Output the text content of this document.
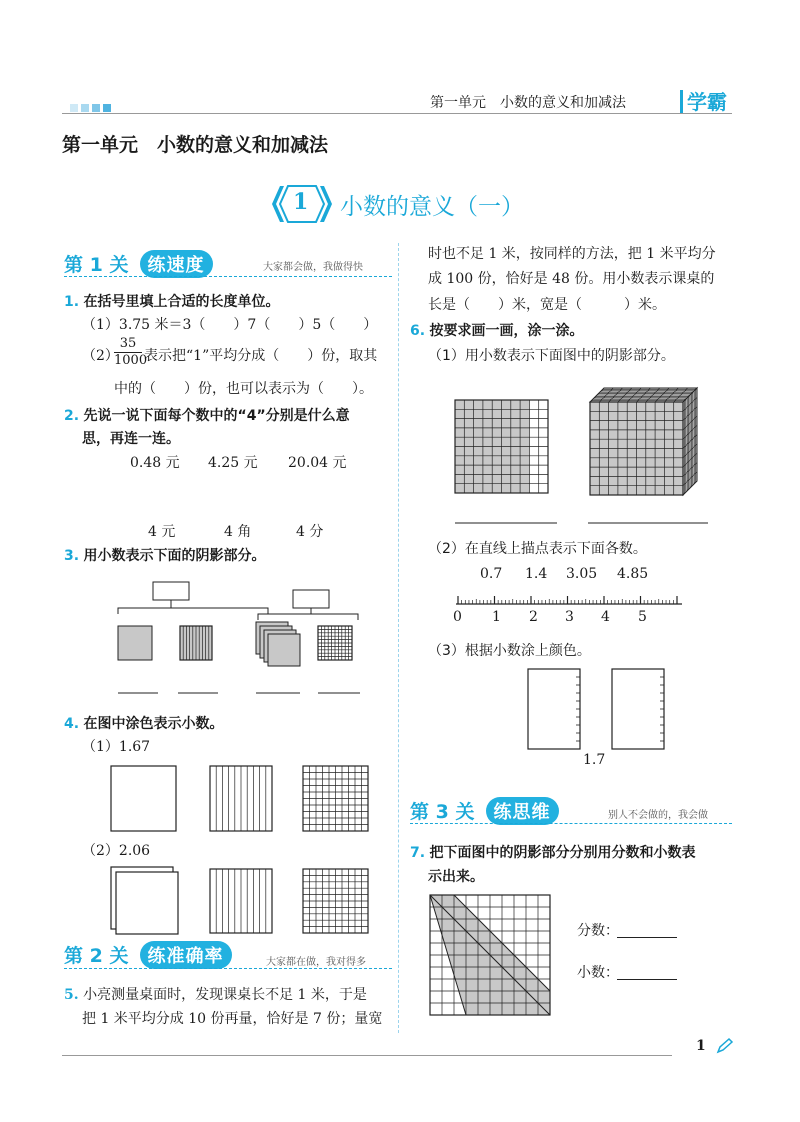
第一单元　小数的意义和加减法	学霸
第一单元　小数的意义和加减法
1 小数的意义（一）
第 1 关 练速度	大家都会做，我做得快
1. 在括号里填上合适的长度单位。
（1）3.75 米＝3（　　）7（　　）5（　　）
（2）
$\frac{35}{1000}$ 表示把“1”平均分成（　　）份，取其
中的（　　）份，也可以表示为（　　）。
2. 先说一说下面每个数中的“4”分别是什么意
思，再连一连。
0.48 元 4.25 元 20.04 元
4 元	4 角	4 分
3. 用小数表示下面的阴影部分。
4. 在图中涂色表示小数。
（1）1.67
（2）2.06
第 2 关 练准确率	大家都在做，我对得多
5. 小亮测量桌面时，发现课桌长不足 1 米，于是
把 1 米平均分成 10 份再量，恰好是 7 份；量宽
时也不足 1 米，按同样的方法，把 1 米平均分
成 100 份，恰好是 48 份。用小数表示课桌的
长是（　　）米，宽是（　　　）米。
6. 按要求画一画，涂一涂。
（1）用小数表示下面图中的阴影部分。
（2）在直线上描点表示下面各数。
0.7 1.4 3.05 4.85
0 1 2 3 4 5
（3）根据小数涂上颜色。
1.7
第 3 关 练思维	别人不会做的，我会做
7. 把下面图中的阴影部分分别用分数和小数表
示出来。
分数：
小数：
1
